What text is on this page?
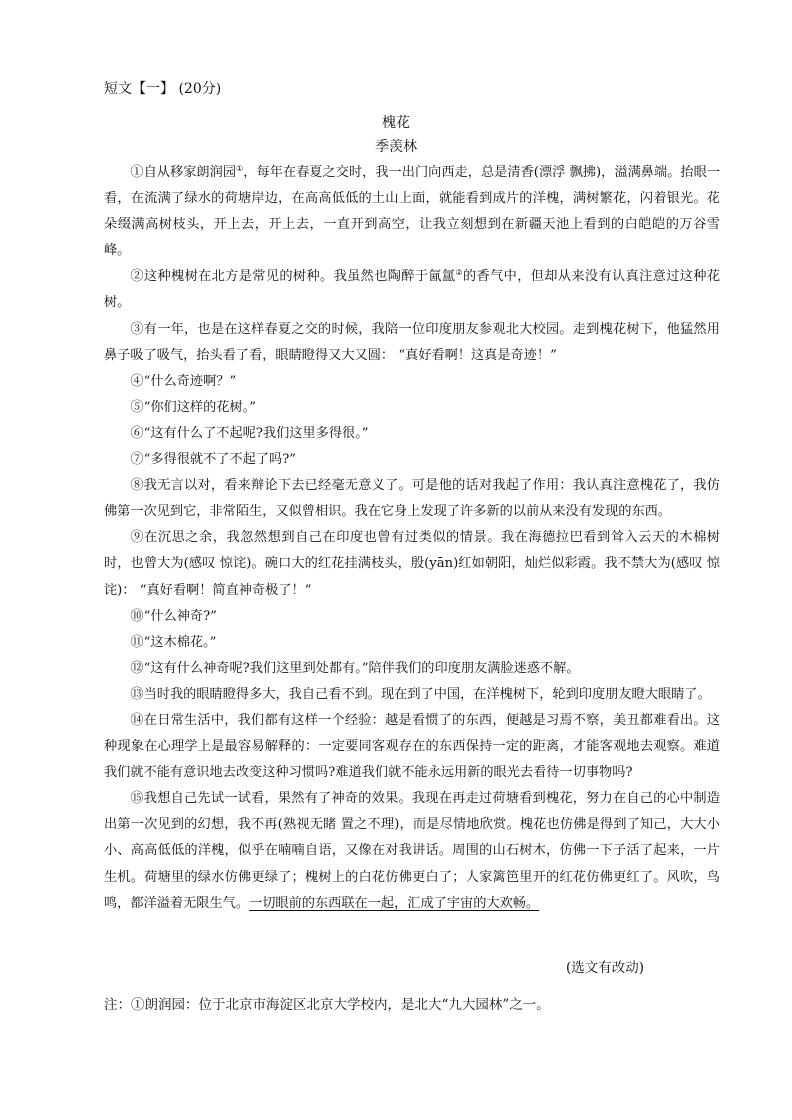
短文【一】 (20分)
槐花
季羡林

①自从移家朗润园①，每年在春夏之交时，我一出门向西走，总是清香(漂浮 飘拂)，溢满鼻端。抬眼一看，在流满了绿水的荷塘岸边，在高高低低的土山上面，就能看到成片的洋槐，满树繁花，闪着银光。花朵缀满高树枝头，开上去，开上去，一直开到高空，让我立刻想到在新疆天池上看到的白皑皑的万谷雪峰。

②这种槐树在北方是常见的树种。我虽然也陶醉于氤氲②的香气中，但却从来没有认真注意过这种花树。

③有一年，也是在这样春夏之交的时候，我陪一位印度朋友参观北大校园。走到槐花树下，他猛然用鼻子吸了吸气，抬头看了看，眼睛瞪得又大又圆： “真好看啊！这真是奇迹！”

④“什么奇迹啊？”

⑤“你们这样的花树。”

⑥“这有什么了不起呢?我们这里多得很。”

⑦“多得很就不了不起了吗?”

⑧我无言以对，看来辩论下去已经毫无意义了。可是他的话对我起了作用：我认真注意槐花了，我仿佛第一次见到它，非常陌生，又似曾相识。我在它身上发现了许多新的以前从来没有发现的东西。

⑨在沉思之余，我忽然想到自己在印度也曾有过类似的情景。我在海德拉巴看到耸入云天的木棉树时，也曾大为(感叹 惊诧)。碗口大的红花挂满枝头，殷(yān)红如朝阳，灿烂似彩霞。我不禁大为(感叹 惊诧)： “真好看啊！简直神奇极了！”

⑩“什么神奇?”

⑪“这木棉花。”

⑫“这有什么神奇呢?我们这里到处都有。”陪伴我们的印度朋友满脸迷惑不解。

⑬当时我的眼睛瞪得多大，我自己看不到。现在到了中国，在洋槐树下，轮到印度朋友瞪大眼睛了。

⑭在日常生活中，我们都有这样一个经验：越是看惯了的东西，便越是习焉不察，美丑都难看出。这种现象在心理学上是最容易解释的：一定要同客观存在的东西保持一定的距离，才能客观地去观察。难道我们就不能有意识地去改变这种习惯吗?难道我们就不能永远用新的眼光去看待一切事物吗?

⑮我想自己先试一试看，果然有了神奇的效果。我现在再走过荷塘看到槐花，努力在自己的心中制造出第一次见到的幻想，我不再(熟视无睹 置之不理)，而是尽情地欣赏。槐花也仿佛是得到了知己，大大小小、高高低低的洋槐，似乎在喃喃自语，又像在对我讲话。周围的山石树木，仿佛一下子活了起来，一片生机。荷塘里的绿水仿佛更绿了；槐树上的白花仿佛更白了；人家篱笆里开的红花仿佛更红了。风吹，鸟鸣，都洋溢着无限生气。一切眼前的东西联在一起，汇成了宇宙的大欢畅。

(选文有改动)
注：①朗润园：位于北京市海淀区北京大学校内，是北大“九大园林”之一。
